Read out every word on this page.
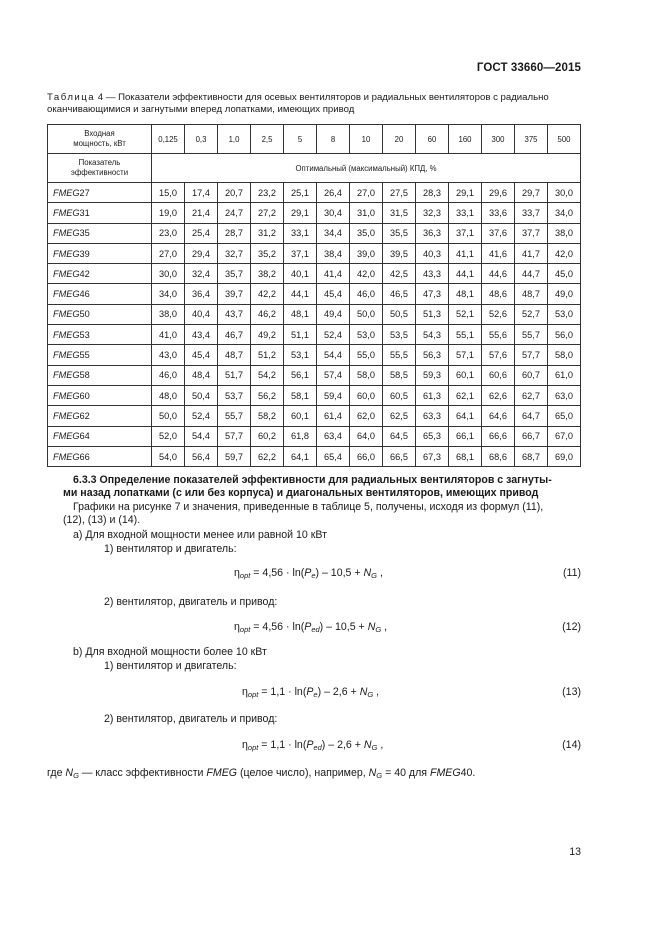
ГОСТ 33660—2015
Таблица 4 — Показатели эффективности для осевых вентиляторов и радиальных вентиляторов с радиально
оканчивающимися и загнутыми вперед лопатками, имеющих привод
Входная
мощность, кВт	0,125	0,3	1,0	2,5	5	8	10	20	60	160	300	375	500
Показатель
эффективности	Оптимальный (максимальный) КПД, %												
FMEG27	15,0	17,4	20,7	23,2	25,1	26,4	27,0	27,5	28,3	29,1	29,6	29,7	30,0
FMEG31	19,0	21,4	24,7	27,2	29,1	30,4	31,0	31,5	32,3	33,1	33,6	33,7	34,0
FMEG35	23,0	25,4	28,7	31,2	33,1	34,4	35,0	35,5	36,3	37,1	37,6	37,7	38,0
FMEG39	27,0	29,4	32,7	35,2	37,1	38,4	39,0	39,5	40,3	41,1	41,6	41,7	42,0
FMEG42	30,0	32,4	35,7	38,2	40,1	41,4	42,0	42,5	43,3	44,1	44,6	44,7	45,0
FMEG46	34,0	36,4	39,7	42,2	44,1	45,4	46,0	46,5	47,3	48,1	48,6	48,7	49,0
FMEG50	38,0	40,4	43,7	46,2	48,1	49,4	50,0	50,5	51,3	52,1	52,6	52,7	53,0
FMEG53	41,0	43,4	46,7	49,2	51,1	52,4	53,0	53,5	54,3	55,1	55,6	55,7	56,0
FMEG55	43,0	45,4	48,7	51,2	53,1	54,4	55,0	55,5	56,3	57,1	57,6	57,7	58,0
FMEG58	46,0	48,4	51,7	54,2	56,1	57,4	58,0	58,5	59,3	60,1	60,6	60,7	61,0
FMEG60	48,0	50,4	53,7	56,2	58,1	59,4	60,0	60,5	61,3	62,1	62,6	62,7	63,0
FMEG62	50,0	52,4	55,7	58,2	60,1	61,4	62,0	62,5	63,3	64,1	64,6	64,7	65,0
FMEG64	52,0	54,4	57,7	60,2	61,8	63,4	64,0	64,5	65,3	66,1	66,6	66,7	67,0
FMEG66	54,0	56,4	59,7	62,2	64,1	65,4	66,0	66,5	67,3	68,1	68,6	68,7	69,0
6.3.3 Определение показателей эффективности для радиальных вентиляторов с загнуты-
ми назад лопатками (с или без корпуса) и диагональных вентиляторов, имеющих привод
Графики на рисунке 7 и значения, приведенные в таблице 5, получены, исходя из формул (11),
(12), (13) и (14).
а) Для входной мощности менее или равной 10 кВт
1) вентилятор и двигатель:
$\eta_{opt} = 4,56 \cdot \ln(P_e) - 10,5 + N_G$ ,	(11)
2) вентилятор, двигатель и привод:
$\eta_{opt} = 4,56 \cdot \ln(P_{ed}) - 10,5 + N_G$ ,	(12)
b) Для входной мощности более 10 кВт
1) вентилятор и двигатель:
$\eta_{opt} = 1,1 \cdot \ln(P_e) - 2,6 + N_G$ ,	(13)
2) вентилятор, двигатель и привод:
$\eta_{opt} = 1,1 \cdot \ln(P_{ed}) - 2,6 + N_G$ ,	(14)
где $N_G$ — класс эффективности FMEG (целое число), например, $N_G = 40$ для FMEG40.
13
